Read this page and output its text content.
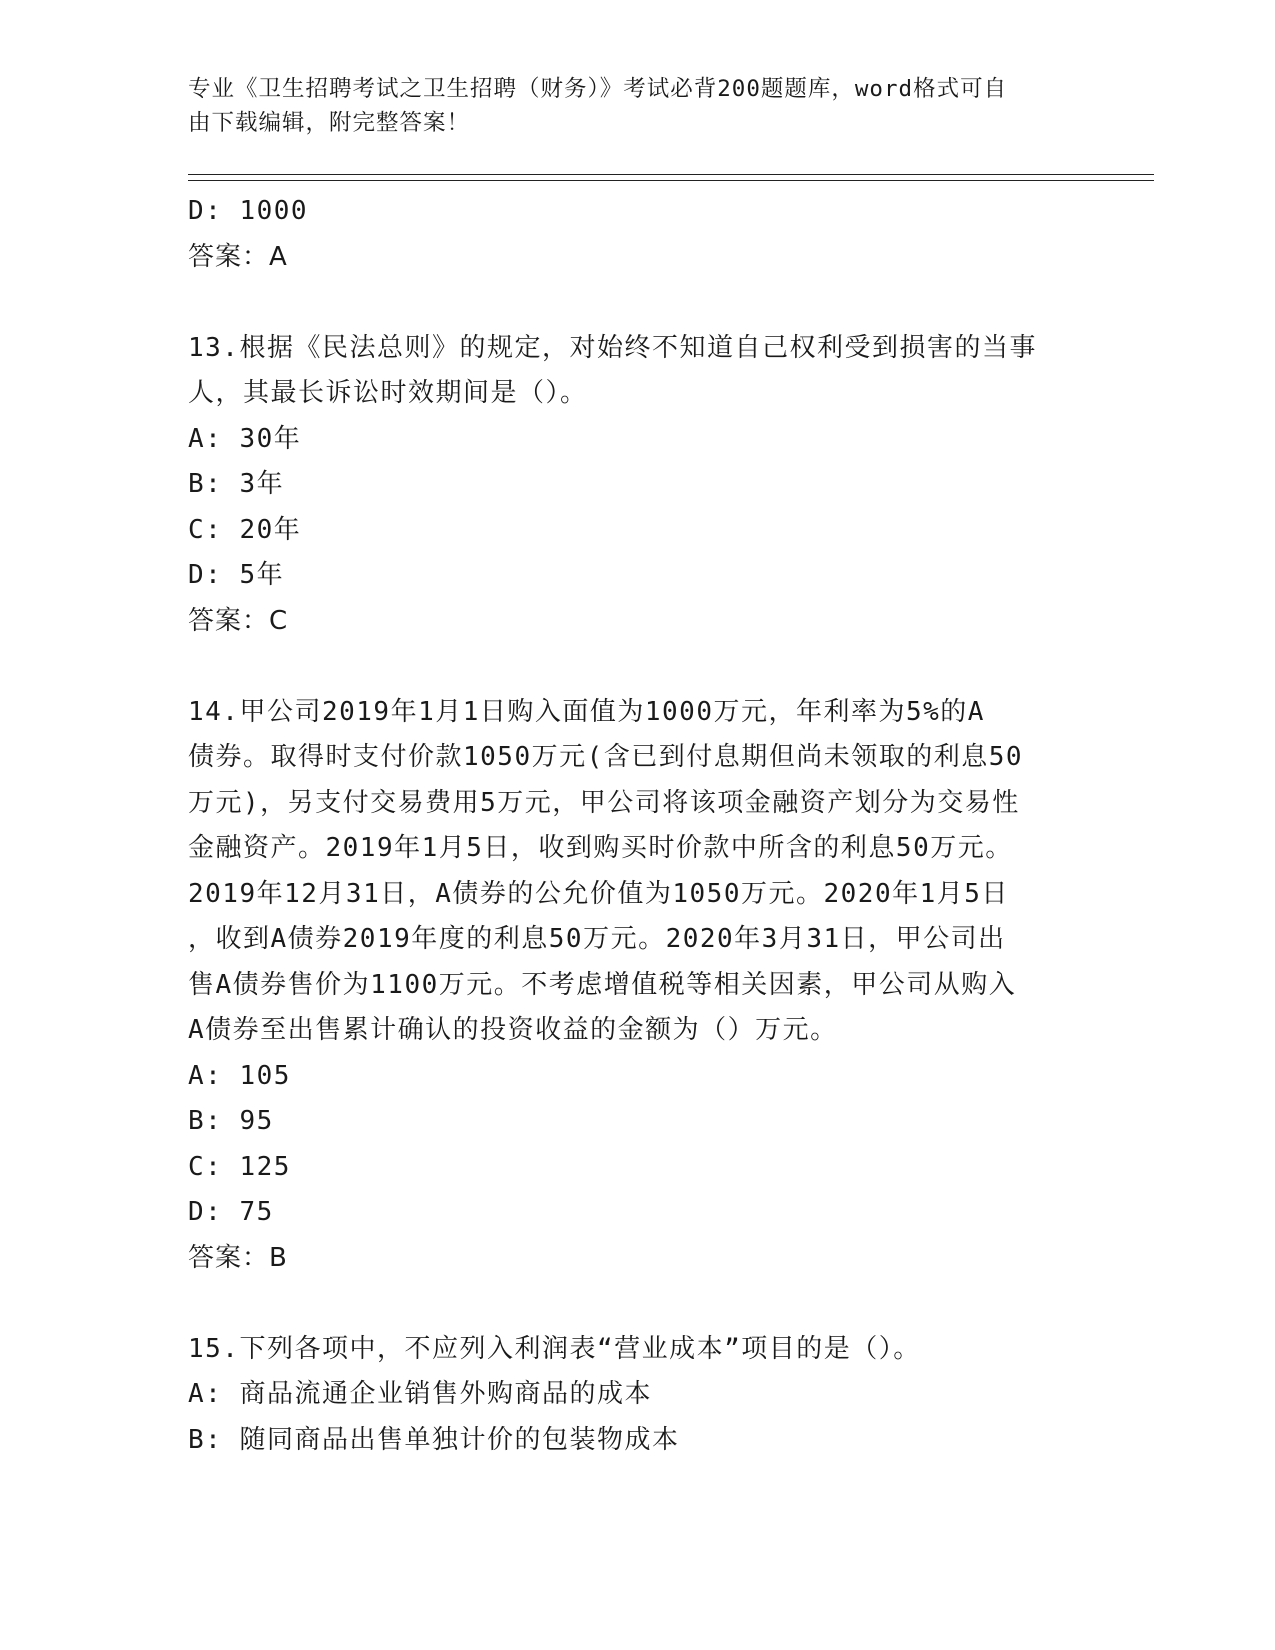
专业《卫生招聘考试之卫生招聘（财务）》考试必背200题题库，word格式可自
由下载编辑，附完整答案！
D: 1000
答案：A
13.根据《民法总则》的规定，对始终不知道自己权利受到损害的当事
人，其最长诉讼时效期间是（）。
A: 30年
B: 3年
C: 20年
D: 5年
答案：C
14.甲公司2019年1月1日购入面值为1000万元，年利率为5%的A
债券。取得时支付价款1050万元(含已到付息期但尚未领取的利息50
万元)，另支付交易费用5万元，甲公司将该项金融资产划分为交易性
金融资产。2019年1月5日，收到购买时价款中所含的利息50万元。
2019年12月31日，A债券的公允价值为1050万元。2020年1月5日
，收到A债券2019年度的利息50万元。2020年3月31日，甲公司出
售A债券售价为1100万元。不考虑增值税等相关因素，甲公司从购入
A债券至出售累计确认的投资收益的金额为（）万元。
A: 105
B: 95
C: 125
D: 75
答案：B
15.下列各项中，不应列入利润表“营业成本”项目的是（）。
A: 商品流通企业销售外购商品的成本
B: 随同商品出售单独计价的包装物成本
